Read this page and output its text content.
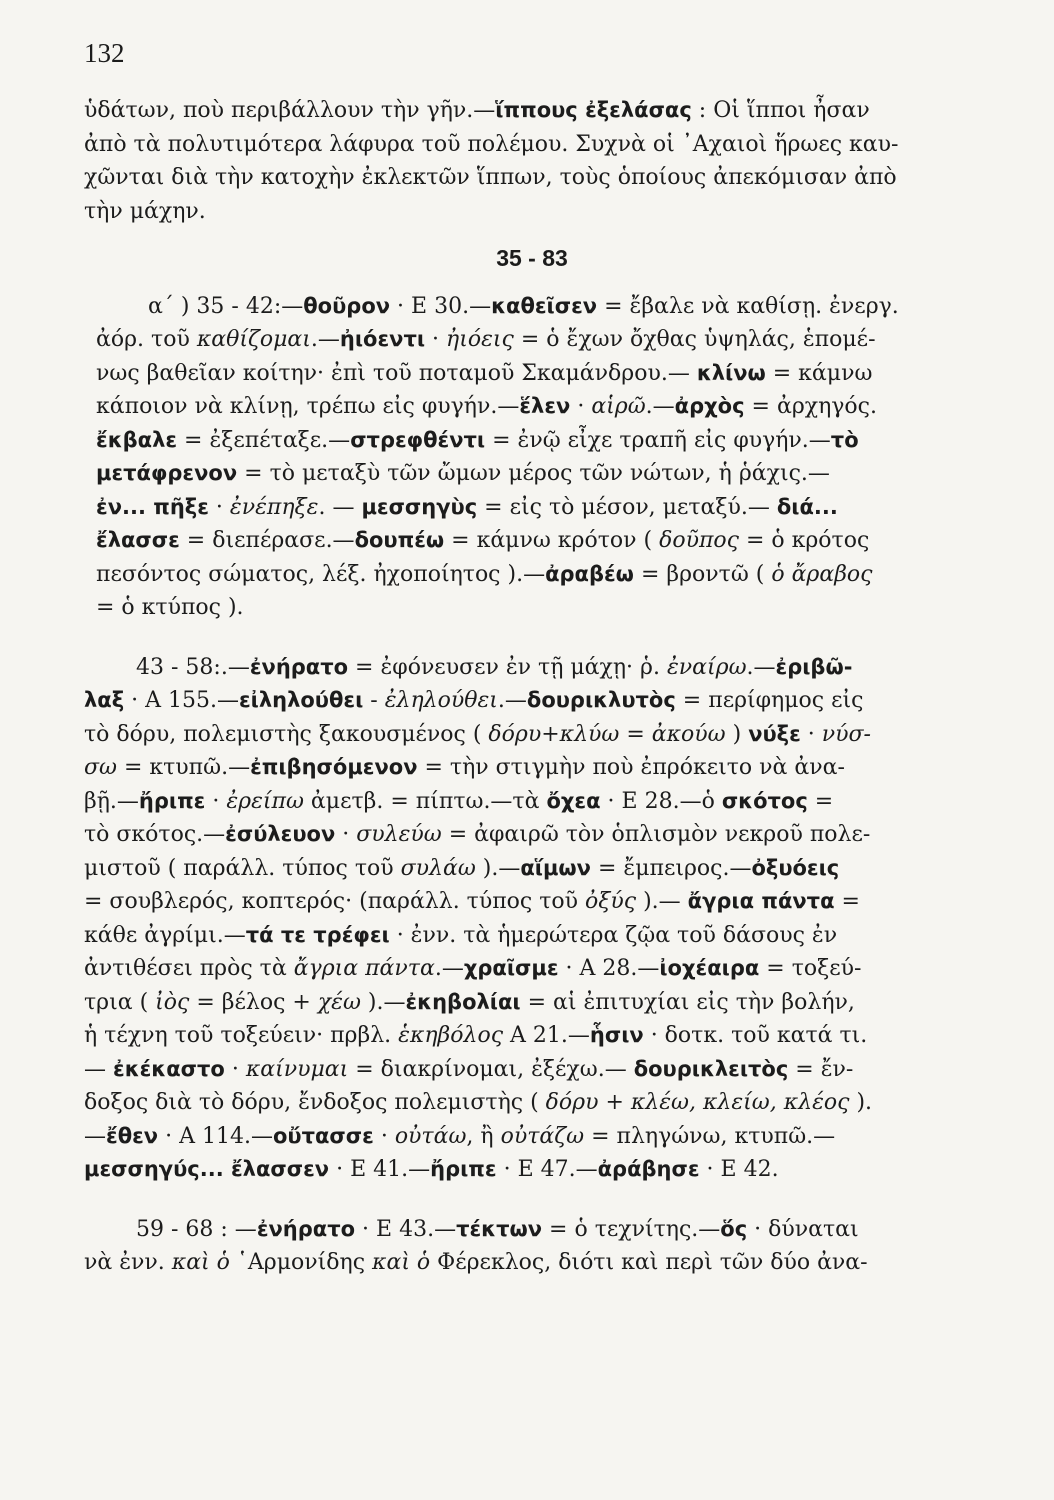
132
ὑδάτων, ποὺ περιβάλλουν τὴν γῆν.—ἵππους ἐξελάσας : Οἱ ἵπποι ἦσαν
ἀπὸ τὰ πολυτιμότερα λάφυρα τοῦ πολέμου. Συχνὰ οἱ ᾿Αχαιοὶ ἥρωες καυ-
χῶνται διὰ τὴν κατοχὴν ἐκλεκτῶν ἵππων, τοὺς ὁποίους ἀπεκόμισαν ἀπὸ
τὴν μάχην.
35 - 83
α΄ ) 35 - 42:—θοῦρον · Ε 30.—καθεῖσεν = ἔβαλε νὰ καθίσῃ. ἐνεργ.
ἀόρ. τοῦ καθίζομαι.—ἠιόεντι · ἠιόεις = ὁ ἔχων ὄχθας ὑψηλάς, ἑπομέ-
νως βαθεῖαν κοίτην· ἐπὶ τοῦ ποταμοῦ Σκαμάνδρου.— κλίνω = κάμνω
κάποιον νὰ κλίνῃ, τρέπω εἰς φυγήν.—ἕλεν · αἱρῶ.—ἀρχὸς = ἀρχηγός.
ἔκβαλε = ἐξεπέταξε.—στρεφθέντι = ἐνῷ εἶχε τραπῆ εἰς φυγήν.—τὸ
μετάφρενον = τὸ μεταξὺ τῶν ὤμων μέρος τῶν νώτων, ἡ ῥάχις.—
ἐν... πῆξε · ἐνέπηξε. — μεσσηγὺς = εἰς τὸ μέσον, μεταξύ.— διά...
ἔλασσε = διεπέρασε.—δουπέω = κάμνω κρότον ( δοῦπος = ὁ κρότος
πεσόντος σώματος, λέξ. ἠχοποίητος ).—ἀραβέω = βροντῶ ( ὁ ἄραβος
= ὁ κτύπος ).
43 - 58:.—ἐνήρατο = ἐφόνευσεν ἐν τῇ μάχῃ· ῥ. ἐναίρω.—ἐριβῶ-
λαξ · Α 155.—εἰληλούθει - ἐληλούθει.—δουρικλυτὸς = περίφημος εἰς
τὸ δόρυ, πολεμιστὴς ξακουσμένος ( δόρυ+κλύω = ἀκούω ) νύξε · νύσ-
σω = κτυπῶ.—ἐπιβησόμενον = τὴν στιγμὴν ποὺ ἐπρόκειτο νὰ ἀνα-
βῇ.—ἤριπε · ἐρείπω ἀμετβ. = πίπτω.—τὰ ὄχεα · Ε 28.—ὁ σκότος =
τὸ σκότος.—ἐσύλευον · συλεύω = ἀφαιρῶ τὸν ὁπλισμὸν νεκροῦ πολε-
μιστοῦ ( παράλλ. τύπος τοῦ συλάω ).—αἵμων = ἔμπειρος.—ὀξυόεις
= σουβλερός, κοπτερός· (παράλλ. τύπος τοῦ ὀξύς ).— ἄγρια πάντα =
κάθε ἀγρίμι.—τά τε τρέφει · ἐνν. τὰ ἡμερώτερα ζῷα τοῦ δάσους ἐν
ἀντιθέσει πρὸς τὰ ἄγρια πάντα.—χραῖσμε · Α 28.—ἰοχέαιρα = τοξεύ-
τρια ( ἰὸς = βέλος + χέω ).—ἐκηβολίαι = αἱ ἐπιτυχίαι εἰς τὴν βολήν,
ἡ τέχνη τοῦ τοξεύειν· πρβλ. ἑκηβόλος Α 21.—ἧσιν · δοτκ. τοῦ κατά τι.
— ἐκέκαστο · καίνυμαι = διακρίνομαι, ἐξέχω.— δουρικλειτὸς = ἔν-
δοξος διὰ τὸ δόρυ, ἔνδοξος πολεμιστὴς ( δόρυ + κλέω, κλείω, κλέος ).
—ἔθεν · Α 114.—οὔτασσε · οὐτάω, ἢ οὐτάζω = πληγώνω, κτυπῶ.—
μεσσηγύς... ἔλασσεν · Ε 41.—ἤριπε · Ε 47.—ἀράβησε · Ε 42.
59 - 68 : —ἐνήρατο · Ε 43.—τέκτων = ὁ τεχνίτης.—ὅς · δύναται
νὰ ἐνν. καὶ ὁ ῾Αρμονίδης καὶ ὁ Φέρεκλος, διότι καὶ περὶ τῶν δύο ἀνα-
